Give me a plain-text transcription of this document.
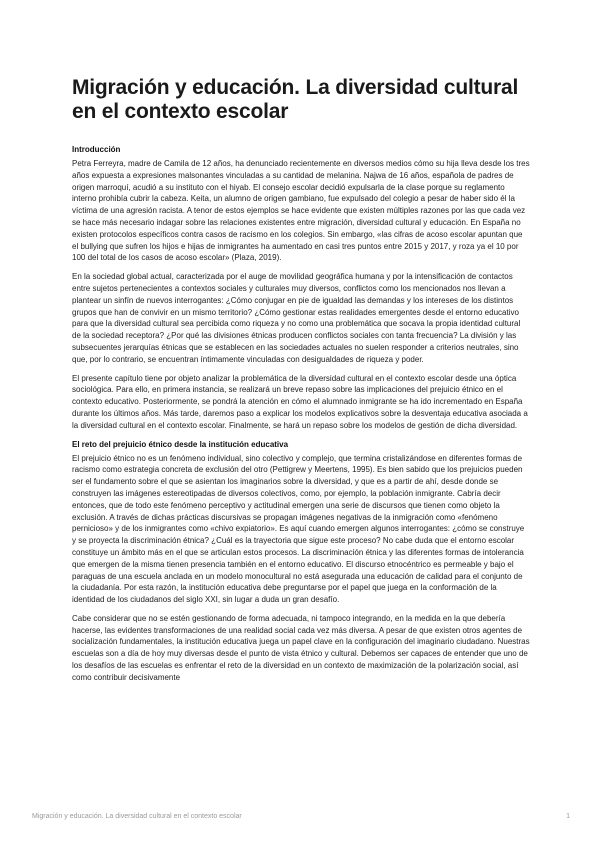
Migración y educación. La diversidad cultural en el contexto escolar
Introducción

Petra Ferreyra, madre de Camila de 12 años, ha denunciado recientemente en diversos medios cómo su hija lleva desde los tres años expuesta a expresiones malsonantes vinculadas a su cantidad de melanina. Najwa de 16 años, española de padres de origen marroquí, acudió a su instituto con el hiyab. El consejo escolar decidió expulsarla de la clase porque su reglamento interno prohibía cubrir la cabeza. Keita, un alumno de origen gambiano, fue expulsado del colegio a pesar de haber sido él la víctima de una agresión racista. A tenor de estos ejemplos se hace evidente que existen múltiples razones por las que cada vez se hace más necesario indagar sobre las relaciones existentes entre migración, diversidad cultural y educación. En España no existen protocolos específicos contra casos de racismo en los colegios. Sin embargo, «las cifras de acoso escolar apuntan que el bullying que sufren los hijos e hijas de inmigrantes ha aumentado en casi tres puntos entre 2015 y 2017, y roza ya el 10 por 100 del total de los casos de acoso escolar» (Plaza, 2019).

En la sociedad global actual, caracterizada por el auge de movilidad geográfica humana y por la intensificación de contactos entre sujetos pertenecientes a contextos sociales y culturales muy diversos, conflictos como los mencionados nos llevan a plantear un sinfín de nuevos interrogantes: ¿Cómo conjugar en pie de igualdad las demandas y los intereses de los distintos grupos que han de convivir en un mismo territorio? ¿Cómo gestionar estas realidades emergentes desde el entorno educativo para que la diversidad cultural sea percibida como riqueza y no como una problemática que socava la propia identidad cultural de la sociedad receptora? ¿Por qué las divisiones étnicas producen conflictos sociales con tanta frecuencia? La división y las subsecuentes jerarquías étnicas que se establecen en las sociedades actuales no suelen responder a criterios neutrales, sino que, por lo contrario, se encuentran íntimamente vinculadas con desigualdades de riqueza y poder.

El presente capítulo tiene por objeto analizar la problemática de la diversidad cultural en el contexto escolar desde una óptica sociológica. Para ello, en primera instancia, se realizará un breve repaso sobre las implicaciones del prejuicio étnico en el contexto educativo. Posteriormente, se pondrá la atención en cómo el alumnado inmigrante se ha ido incrementado en España durante los últimos años. Más tarde, daremos paso a explicar los modelos explicativos sobre la desventaja educativa asociada a la diversidad cultural en el contexto escolar. Finalmente, se hará un repaso sobre los modelos de gestión de dicha diversidad.

El reto del prejuicio étnico desde la institución educativa

El prejuicio étnico no es un fenómeno individual, sino colectivo y complejo, que termina cristalizándose en diferentes formas de racismo como estrategia concreta de exclusión del otro (Pettigrew y Meertens, 1995). Es bien sabido que los prejuicios pueden ser el fundamento sobre el que se asientan los imaginarios sobre la diversidad, y que es a partir de ahí, desde donde se construyen las imágenes estereotipadas de diversos colectivos, como, por ejemplo, la población inmigrante. Cabría decir entonces, que de todo este fenómeno perceptivo y actitudinal emergen una serie de discursos que tienen como objeto la exclusión. A través de dichas prácticas discursivas se propagan imágenes negativas de la inmigración como «fenómeno pernicioso» y de los inmigrantes como «chivo expiatorio». Es aquí cuando emergen algunos interrogantes: ¿cómo se construye y se proyecta la discriminación étnica? ¿Cuál es la trayectoria que sigue este proceso? No cabe duda que el entorno escolar constituye un ámbito más en el que se articulan estos procesos. La discriminación étnica y las diferentes formas de intolerancia que emergen de la misma tienen presencia también en el entorno educativo. El discurso etnocéntrico es permeable y bajo el paraguas de una escuela anclada en un modelo monocultural no está asegurada una educación de calidad para el conjunto de la ciudadanía. Por esta razón, la institución educativa debe preguntarse por el papel que juega en la conformación de la identidad de los ciudadanos del siglo XXI, sin lugar a duda un gran desafío.

Cabe considerar que no se estén gestionando de forma adecuada, ni tampoco integrando, en la medida en la que debería hacerse, las evidentes transformaciones de una realidad social cada vez más diversa. A pesar de que existen otros agentes de socialización fundamentales, la institución educativa juega un papel clave en la configuración del imaginario ciudadano. Nuestras escuelas son a día de hoy muy diversas desde el punto de vista étnico y cultural. Debemos ser capaces de entender que uno de los desafíos de las escuelas es enfrentar el reto de la diversidad en un contexto de maximización de la polarización social, así como contribuir decisivamente

Migración y educación. La diversidad cultural en el contexto escolar	1
